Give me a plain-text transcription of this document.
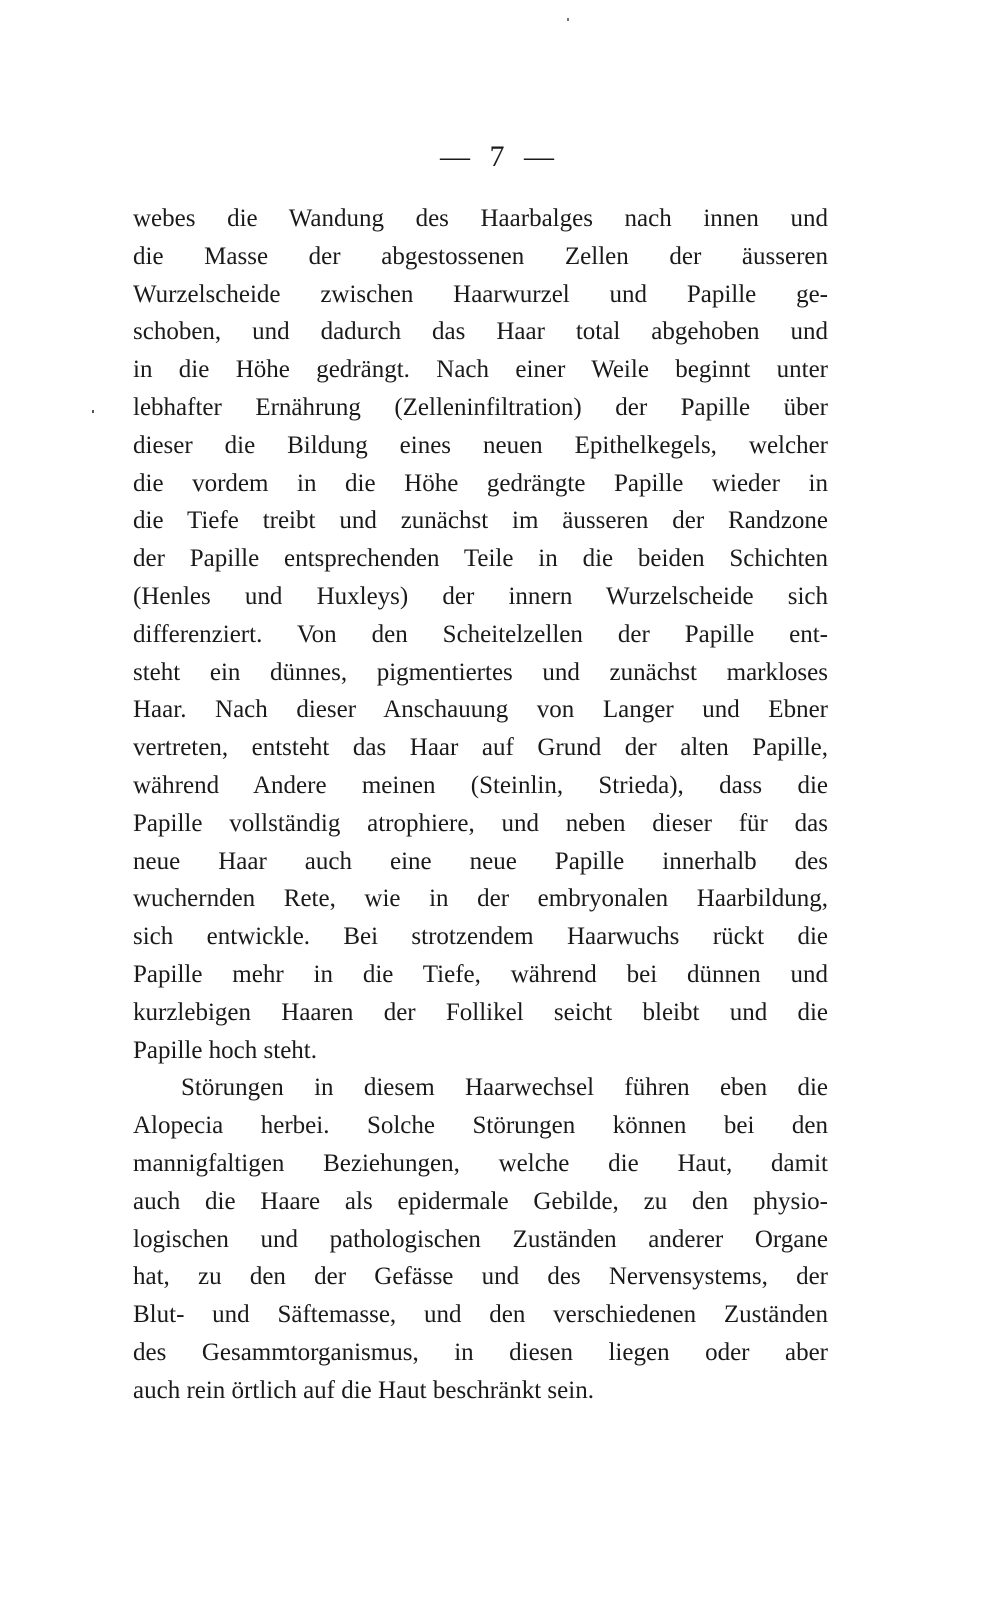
— 7 —
webes die Wandung des Haarbalges nach innen und
die Masse der abgestossenen Zellen der äusseren
Wurzelscheide zwischen Haarwurzel und Papille ge-
schoben, und dadurch das Haar total abgehoben und
in die Höhe gedrängt. Nach einer Weile beginnt unter
lebhafter Ernährung (Zelleninfiltration) der Papille über
dieser die Bildung eines neuen Epithelkegels, welcher
die vordem in die Höhe gedrängte Papille wieder in
die Tiefe treibt und zunächst im äusseren der Randzone
der Papille entsprechenden Teile in die beiden Schichten
(Henles und Huxleys) der innern Wurzelscheide sich
differenziert. Von den Scheitelzellen der Papille ent-
steht ein dünnes, pigmentiertes und zunächst markloses
Haar. Nach dieser Anschauung von Langer und Ebner
vertreten, entsteht das Haar auf Grund der alten Papille,
während Andere meinen (Steinlin, Strieda), dass die
Papille vollständig atrophiere, und neben dieser für das
neue Haar auch eine neue Papille innerhalb des
wuchernden Rete, wie in der embryonalen Haarbildung,
sich entwickle. Bei strotzendem Haarwuchs rückt die
Papille mehr in die Tiefe, während bei dünnen und
kurzlebigen Haaren der Follikel seicht bleibt und die
Papille hoch steht.
Störungen in diesem Haarwechsel führen eben die
Alopecia herbei. Solche Störungen können bei den
mannigfaltigen Beziehungen, welche die Haut, damit
auch die Haare als epidermale Gebilde, zu den physio-
logischen und pathologischen Zuständen anderer Organe
hat, zu den der Gefässe und des Nervensystems, der
Blut- und Säftemasse, und den verschiedenen Zuständen
des Gesammtorganismus, in diesen liegen oder aber
auch rein örtlich auf die Haut beschränkt sein.
